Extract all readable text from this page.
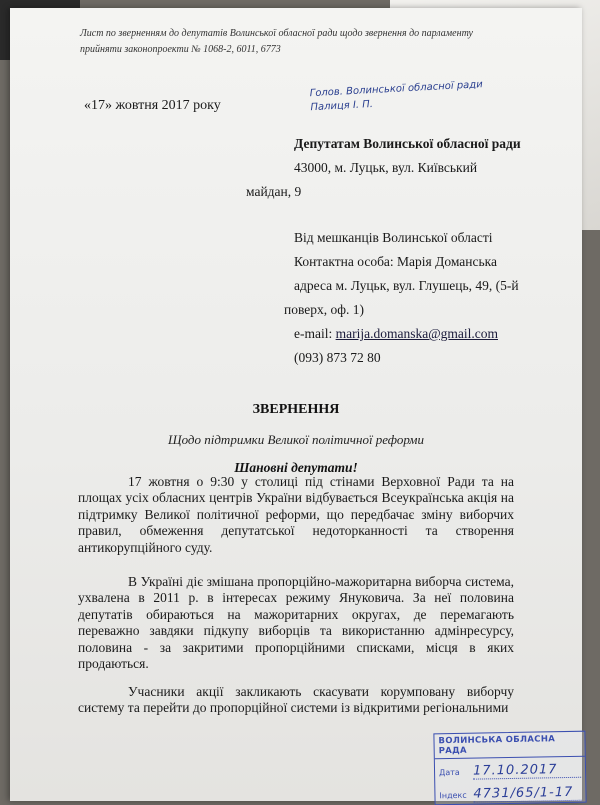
Лист по зверненням до депутатів Волинської обласної ради щодо звернення до парламенту прийняти законопроекти № 1068-2, 6011, 6773
Голов. Волинської обласної ради
Палиця І. П.
«17» жовтня 2017 року
Депутатам Волинської обласної ради
43000, м. Луцьк, вул. Київський
майдан, 9
Від мешканців Волинської області
Контактна особа: Марія Доманська
адреса м. Луцьк, вул. Глушець, 49, (5-й
поверх, оф. 1)
e-mail: marija.domanska@gmail.com
(093) 873 72 80
ЗВЕРНЕННЯ
Щодо підтримки Великої політичної реформи
Шановні депутати!
17 жовтня о 9:30 у столиці під стінами Верховної Ради та на площах усіх обласних центрів України відбувається Всеукраїнська акція на підтримку Великої політичної реформи, що передбачає зміну виборчих правил, обмеження депутатської недоторканності та створення антикорупційного суду.
В Україні діє змішана пропорційно-мажоритарна виборча система, ухвалена в 2011 р. в інтересах режиму Януковича. За неї половина депутатів обираються на мажоритарних округах, де перемагають переважно завдяки підкупу виборців та використанню адмінресурсу, половина - за закритими пропорційними списками, місця в яких продаються.
Учасники акції закликають скасувати корумповану виборчу систему та перейти до пропорційної системи із відкритими регіональними
ВОЛИНСЬКА ОБЛАСНА РАДА
Дата	17.10.2017
Індекс 4731/65/1-17
